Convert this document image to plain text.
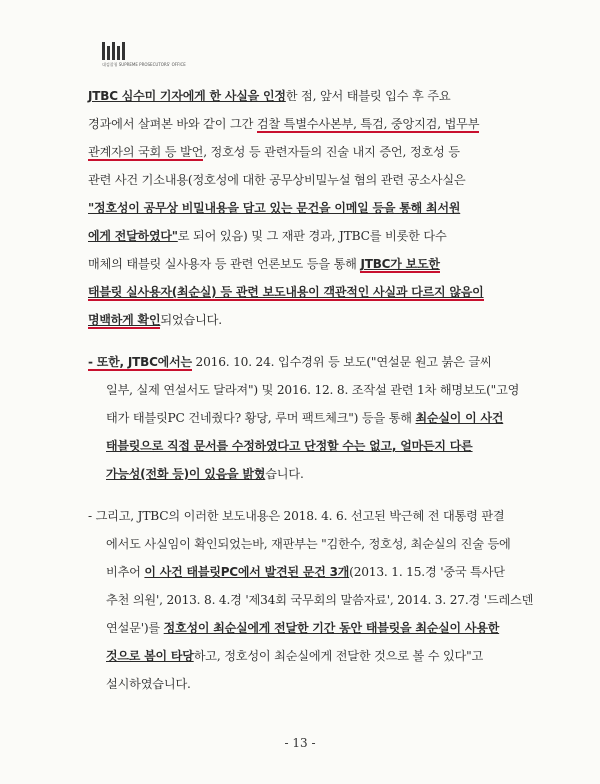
대검찰청 SUPREME PROSECUTORS' OFFICE

JTBC 심수미 기자에게 한 사실을 인정한 점, 앞서 태블릿 입수 후 주요

경과에서 살펴본 바와 같이 그간 검찰 특별수사본부, 특검, 중앙지검, 법무부

관계자의 국회 등 발언, 정호성 등 관련자들의 진술 내지 증언, 정호성 등

관련 사건 기소내용(정호성에 대한 공무상비밀누설 혐의 관련 공소사실은

"정호성이 공무상 비밀내용을 담고 있는 문건을 이메일 등을 통해 최서원

에게 전달하였다"로 되어 있음) 및 그 재판 경과, JTBC를 비롯한 다수

매체의 태블릿 실사용자 등 관련 언론보도 등을 통해 JTBC가 보도한

태블릿 실사용자(최순실) 등 관련 보도내용이 객관적인 사실과 다르지 않음이

명백하게 확인되었습니다.

- 또한, JTBC에서는 2016. 10. 24. 입수경위 등 보도("연설문 원고 붉은 글씨

일부, 실제 연설서도 달라져") 및 2016. 12. 8. 조작설 관련 1차 해명보도("고영

태가 태블릿PC 건네줬다? 황당, 루머 팩트체크") 등을 통해 최순실이 이 사건

태블릿으로 직접 문서를 수정하였다고 단정할 수는 없고, 얼마든지 다른

가능성(전화 등)이 있음을 밝혔습니다.

- 그리고, JTBC의 이러한 보도내용은 2018. 4. 6. 선고된 박근혜 전 대통령 판결

에서도 사실임이 확인되었는바, 재판부는 "김한수, 정호성, 최순실의 진술 등에

비추어 이 사건 태블릿PC에서 발견된 문건 3개(2013. 1. 15.경 '중국 특사단

추천 의원', 2013. 8. 4.경 '제34회 국무회의 말씀자료', 2014. 3. 27.경 '드레스덴

연설문')를 정호성이 최순실에게 전달한 기간 동안 태블릿을 최순실이 사용한

것으로 봄이 타당하고, 정호성이 최순실에게 전달한 것으로 볼 수 있다"고

설시하였습니다.

- 13 -
